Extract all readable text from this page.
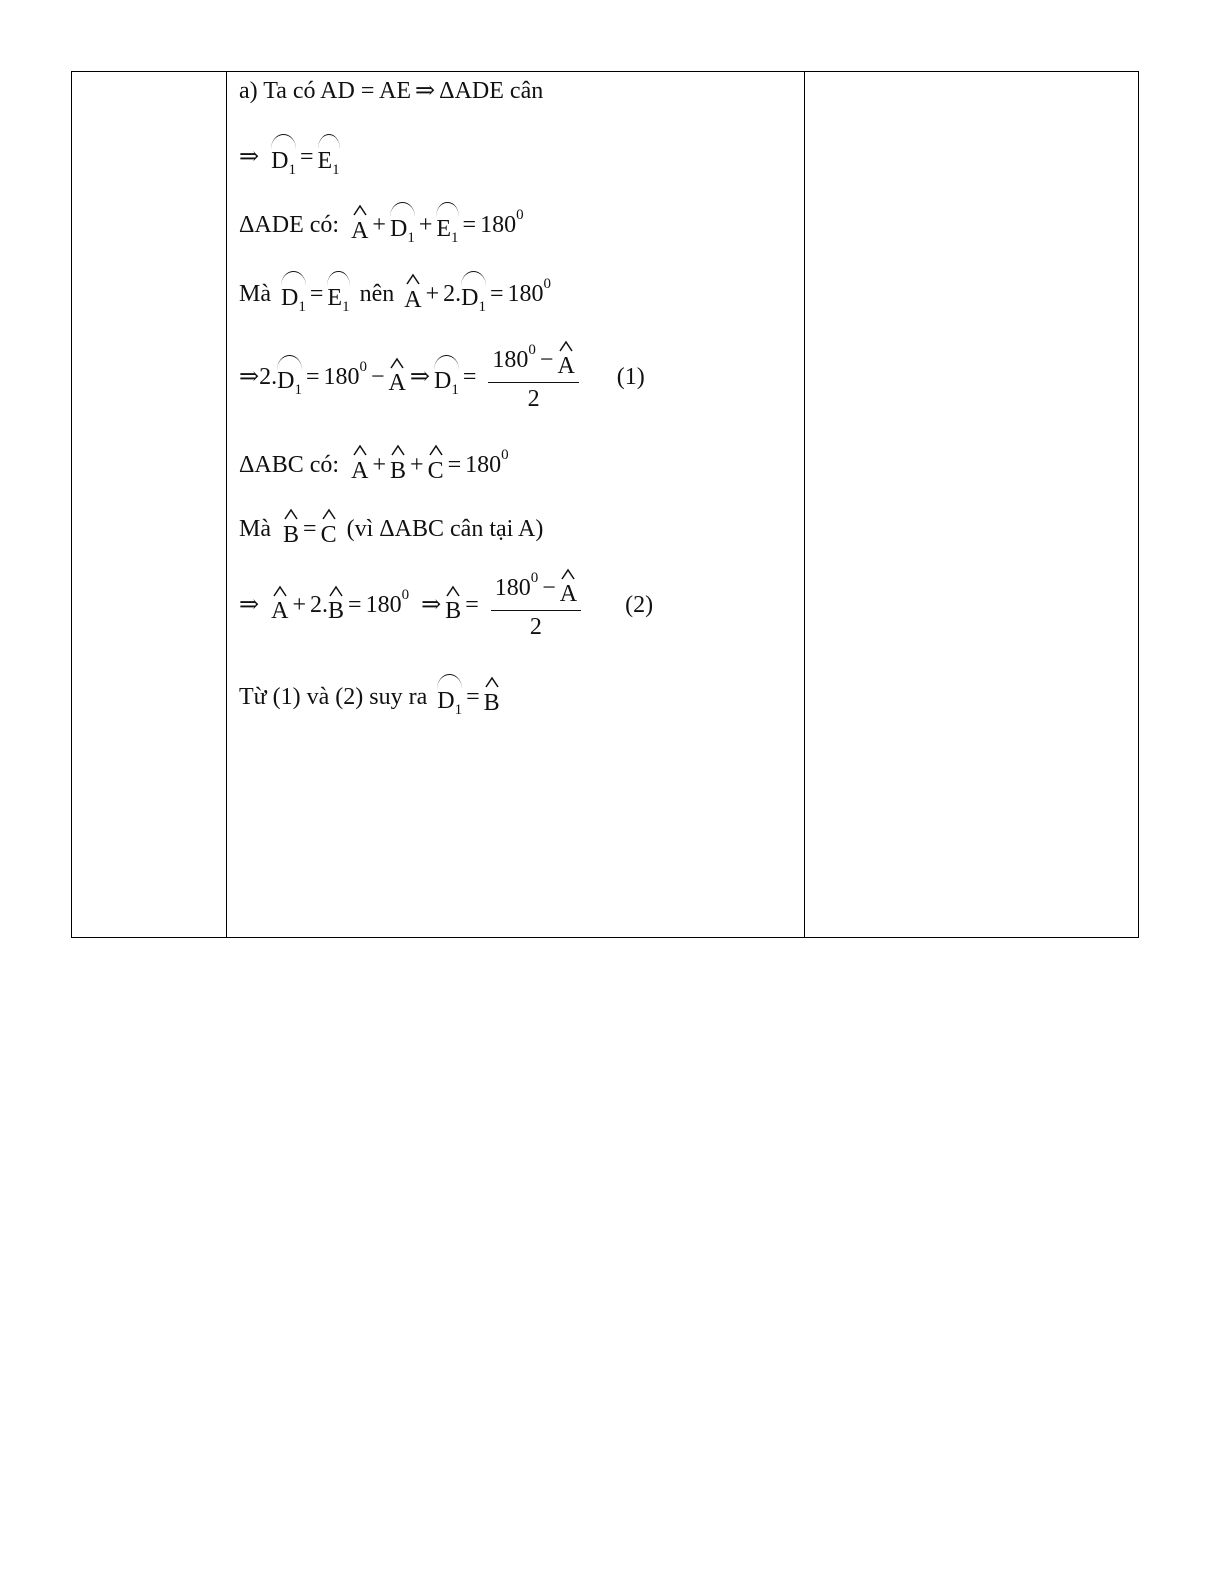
a) Ta có AD = AE ⇒ ΔADE cân
⇒ $D_1$
= $E_1$
ΔADE có: $A + D_1$
+ $E_1$
= 180 0
Mà $D_1$
= $E_1$
nên A + 2. $D_1$
= 180 0
⇒ 2. $D_1$
= 180 0 − A ⇒ $D_1$
= $\frac{180 0 - A}{2} (1)$
ΔABC có: A + B + C = 180 0
Mà B = C (vì ΔABC cân tại A)
⇒ A + 2. B = 180 0 ⇒ $B = \frac{180 0 - A}{2} (2)$
Từ (1) và (2) suy ra $D_1$
= B
